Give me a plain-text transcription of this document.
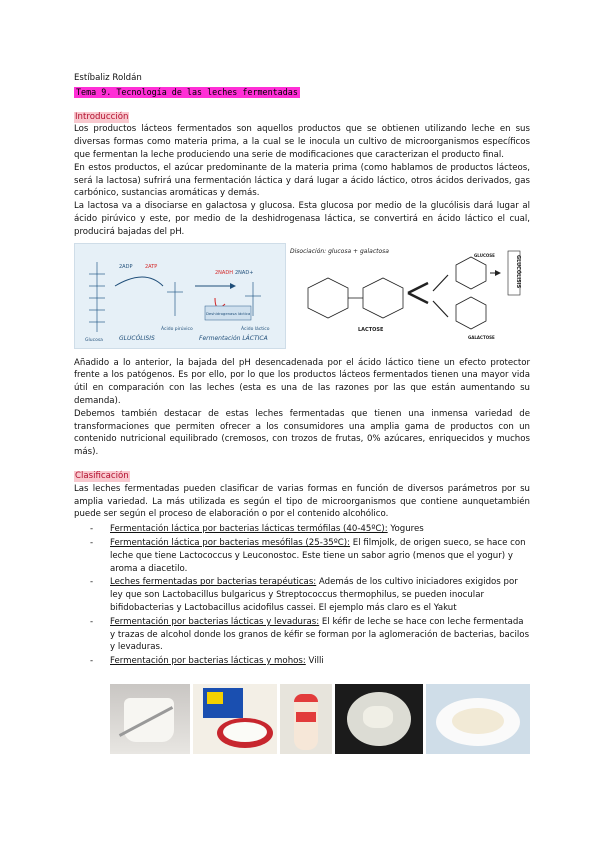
Estíbaliz Roldán
Tema 9. Tecnología de las leches fermentadas
Introducción

Los productos lácteos fermentados son aquellos productos que se obtienen utilizando leche en sus diversas formas como materia prima, a la cual se le inocula un cultivo de microorganismos específicos que fermentan la leche produciendo una serie de modificaciones que caracterizan el producto final.

En estos productos, el azúcar predominante de la materia prima (como hablamos de productos lácteos, será la lactosa) sufrirá una fermentación láctica y dará lugar a ácido láctico, otros ácidos derivados, gas carbónico, sustancias aromáticas y demás.

La lactosa va a disociarse en galactosa y glucosa. Esta glucosa por medio de la glucólisis dará lugar al ácido pirúvico y este, por medio de la deshidrogenasa láctica, se convertirá en ácido láctico el cual, producirá bajadas del pH.

2ADP	2ATP
2NADH 2NAD+
Ácido pirúvico
Deshidrogenasa láctica
Ácido láctico
Glucosa	GLUCÓLISIS	Fermentación LÁCTICA
Disociación: glucosa + galactosa
LACTOSE
GLUCOSE
GALACTOSE
GLUCÓLISIS

Añadido a lo anterior, la bajada del pH desencadenada por el ácido láctico tiene un efecto protector frente a los patógenos. Es por ello, por lo que los productos lácteos fermentados tienen una mayor vida útil en comparación con las leches (esta es una de las razones por las que están aumentando su demanda).

Debemos también destacar de estas leches fermentadas que tienen una inmensa variedad de transformaciones que permiten ofrecer a los consumidores una amplia gama de productos con un contenido nutricional equilibrado (cremosos, con trozos de frutas, 0% azúcares, enriquecidos y muchos más).

Clasificación

Las leches fermentadas pueden clasificar de varias formas en función de diversos parámetros por su amplia variedad. La más utilizada es según el tipo de microorganismos que contiene aunquetambién puede ser según el proceso de elaboración o por el contenido alcohólico.

- Fermentación láctica por bacterias lácticas termófilas (40-45ºC): Yogures
- Fermentación láctica por bacterias mesófilas (25-35ºC): El filmjolk, de origen sueco, se hace con leche que tiene Lactococcus y Leuconostoc. Este tiene un sabor agrio (menos que el yogur) y aroma a diacetilo.
- Leches fermentadas por bacterias terapéuticas: Además de los cultivo iniciadores exigidos por ley que son Lactobacillus bulgaricus y Streptococcus thermophilus, se pueden inocular bifidobacterias y Lactobacillus acidofilus cassei. El ejemplo más claro es el Yakut
- Fermentación por bacterias lácticas y levaduras: El kéfir de leche se hace con leche fermentada y trazas de alcohol donde los granos de kéfir se forman por la aglomeración de bacterias, bacilos y levaduras.
- Fermentación por bacterias lácticas y mohos: Villi
